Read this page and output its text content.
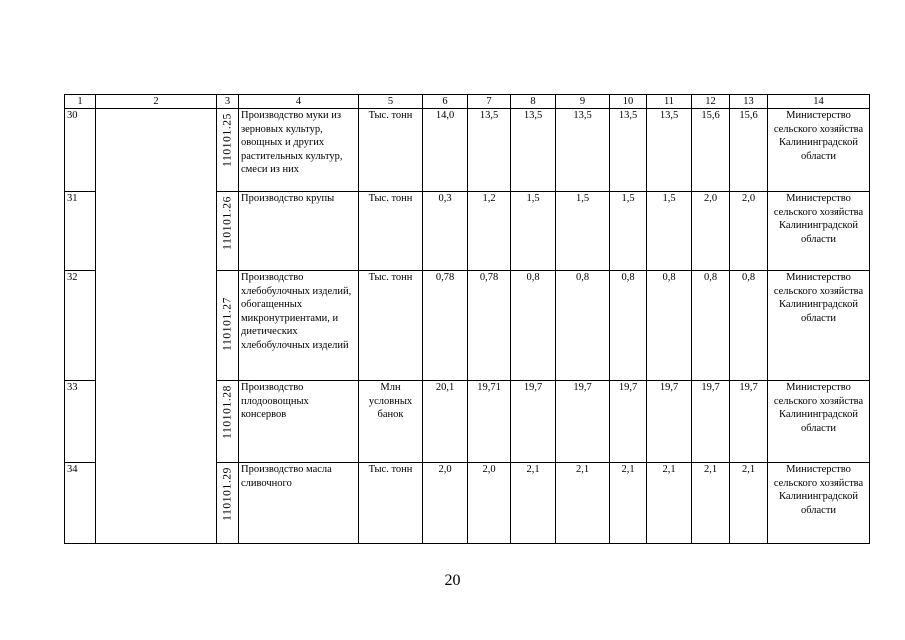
1	2	3	4	5	6	7	8	9	10	11	12	13	14
30		110101.25	Производство муки из зерновых культур, овощных и других растительных культур, смеси из них	Тыс. тонн	14,0	13,5	13,5	13,5	13,5	13,5	15,6	15,6	Министерство сельского хозяйства Калининградской области
31		110101.26	Производство крупы	Тыс. тонн	0,3	1,2	1,5	1,5	1,5	1,5	2,0	2,0	Министерство сельского хозяйства Калининградской области
32		110101.27	Производство хлебобулочных изделий, обогащенных микронутриентами, и диетических хлебобулочных изделий	Тыс. тонн	0,78	0,78	0,8	0,8	0,8	0,8	0,8	0,8	Министерство сельского хозяйства Калининградской области
33		110101.28	Производство плодоовощных консервов	Млн условных банок	20,1	19,71	19,7	19,7	19,7	19,7	19,7	19,7	Министерство сельского хозяйства Калининградской области
34		110101.29	Производство масла сливочного	Тыс. тонн	2,0	2,0	2,1	2,1	2,1	2,1	2,1	2,1	Министерство сельского хозяйства Калининградской области
20
